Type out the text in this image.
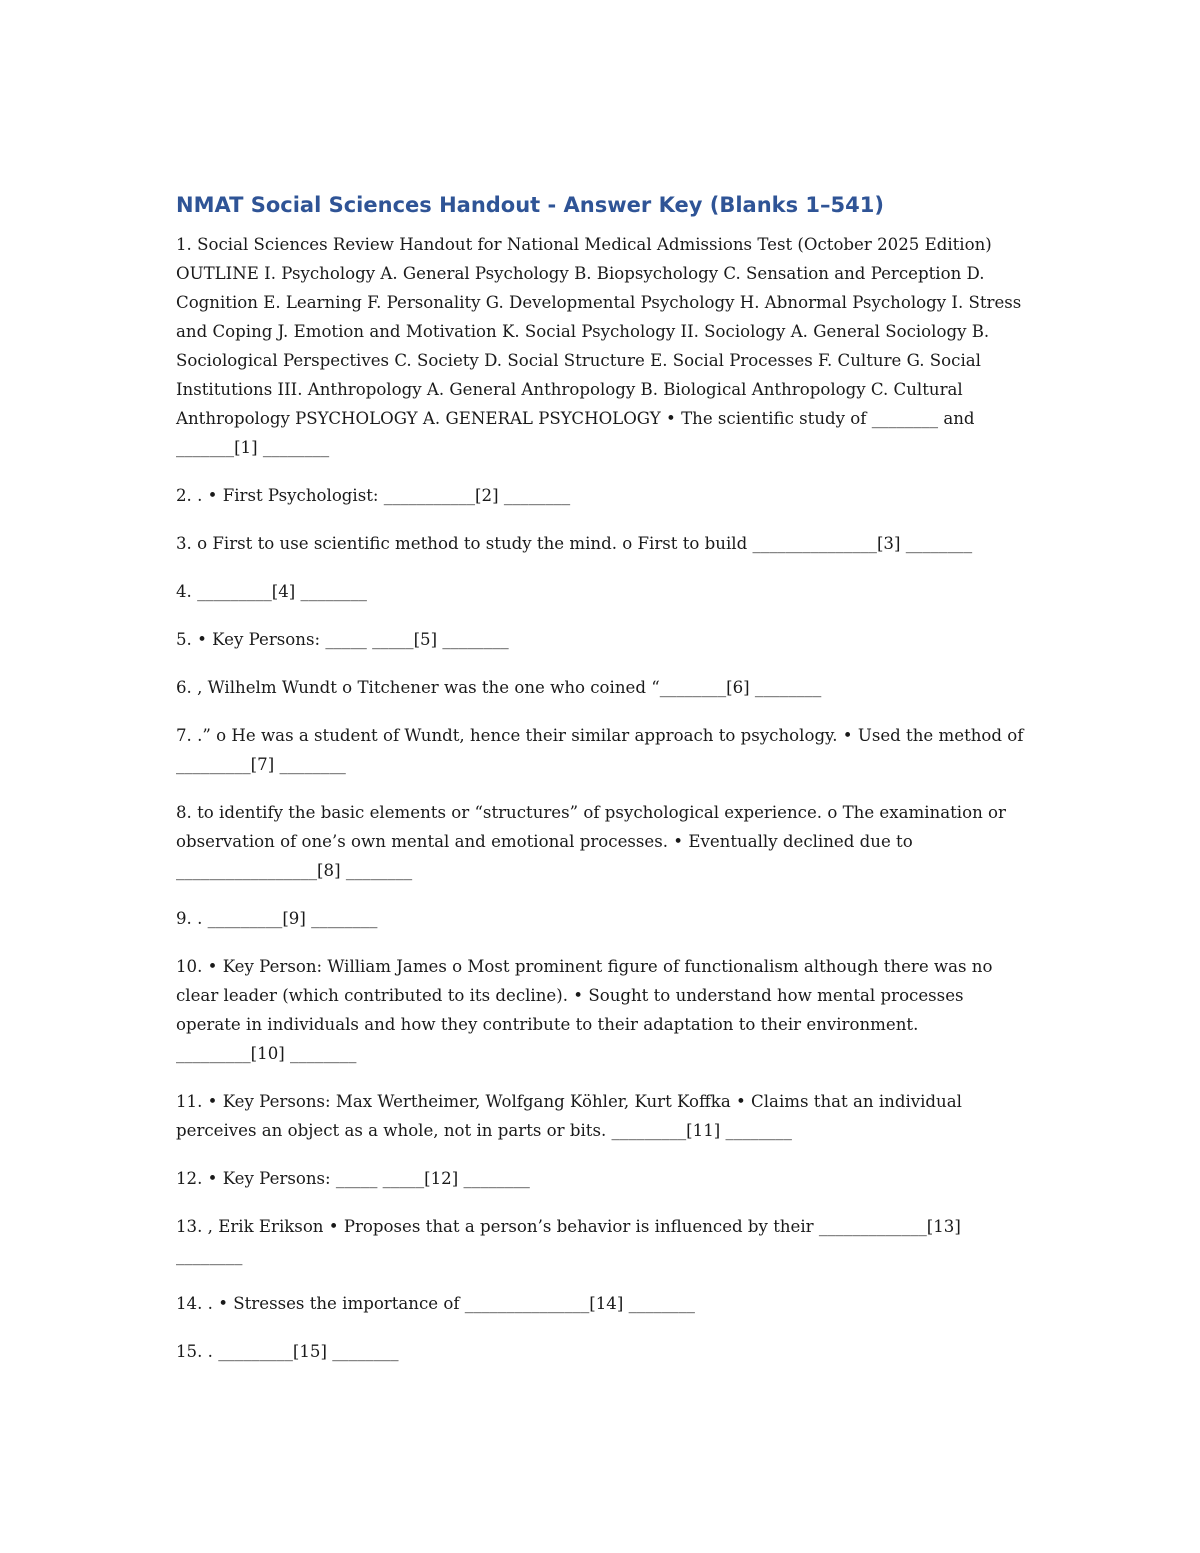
NMAT Social Sciences Handout - Answer Key (Blanks 1–541)

1. Social Sciences Review Handout for National Medical Admissions Test (October 2025 Edition) OUTLINE I. Psychology A. General Psychology B. Biopsychology C. Sensation and Perception D. Cognition E. Learning F. Personality G. Developmental Psychology H. Abnormal Psychology I. Stress and Coping J. Emotion and Motivation K. Social Psychology II. Sociology A. General Sociology B. Sociological Perspectives C. Society D. Social Structure E. Social Processes F. Culture G. Social Institutions III. Anthropology A. General Anthropology B. Biological Anthropology C. Cultural Anthropology PSYCHOLOGY A. GENERAL PSYCHOLOGY • The scientific study of ________ and _______[1] ________

2. . • First Psychologist: ___________[2] ________

3. o First to use scientific method to study the mind. o First to build _______________[3] ________

4. _________[4] ________

5. • Key Persons: _____ _____[5] ________

6. , Wilhelm Wundt o Titchener was the one who coined “________[6] ________

7. .” o He was a student of Wundt, hence their similar approach to psychology. • Used the method of _________[7] ________

8. to identify the basic elements or “structures” of psychological experience. o The examination or observation of one’s own mental and emotional processes. • Eventually declined due to _________________[8] ________

9. . _________[9] ________

10. • Key Person: William James o Most prominent figure of functionalism although there was no clear leader (which contributed to its decline). • Sought to understand how mental processes operate in individuals and how they contribute to their adaptation to their environment. _________[10] ________

11. • Key Persons: Max Wertheimer, Wolfgang Köhler, Kurt Koffka • Claims that an individual perceives an object as a whole, not in parts or bits. _________[11] ________

12. • Key Persons: _____ _____[12] ________

13. , Erik Erikson • Proposes that a person’s behavior is influenced by their _____________[13] ________

14. . • Stresses the importance of _______________[14] ________

15. . _________[15] ________
